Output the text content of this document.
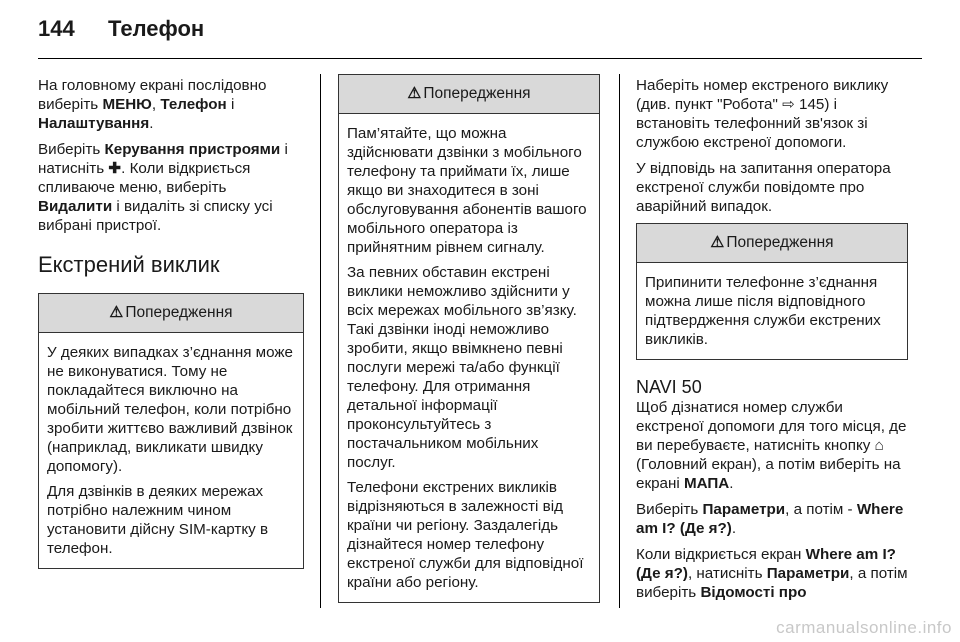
144	Телефон

На головному екрані послідовно виберіть МЕНЮ, Телефон і Налаштування.

Виберіть Керування пристроями і натисніть ✚. Коли відкриється спливаюче меню, виберіть Видалити і видаліть зі списку усі вибрані пристрої.

Екстрений виклик
⚠ Попередження

У деяких випадках з’єднання може не виконуватися. Тому не покладайтеся виключно на мобільний телефон, коли потрібно зробити життєво важливий дзвінок (наприклад, викликати швидку допомогу).

Для дзвінків в деяких мережах потрібно належним чином установити дійсну SIM-картку в телефон.

⚠ Попередження

Пам’ятайте, що можна здійснювати дзвінки з мобільного телефону та приймати їх, лише якщо ви знаходитеся в зоні обслуговування абонентів вашого мобільного оператора із прийнятним рівнем сигналу.

За певних обставин екстрені виклики неможливо здійснити у всіх мережах мобільного зв’язку. Такі дзвінки іноді неможливо зробити, якщо ввімкнено певні послуги мережі та/або функції телефону. Для отримання детальної інформації проконсультуйтесь з постачальником мобільних послуг.

Телефони екстрених викликів відрізняються в залежності від країни чи регіону. Заздалегідь дізнайтеся номер телефону екстреної служби для відповідної країни або регіону.

Наберіть номер екстреного виклику (див. пункт "Робота" ⇨ 145) і встановіть телефонний зв'язок зі службою екстреної допомоги.

У відповідь на запитання оператора екстреної служби повідомте про аварійний випадок.

⚠ Попередження

Припинити телефонне з’єднання можна лише після відповідного підтвердження служби екстрених викликів.

NAVI 50

Щоб дізнатися номер служби екстреної допомоги для того місця, де ви перебуваєте, натисніть кнопку ⌂ (Головний екран), а потім виберіть на екрані МАПА.

Виберіть Параметри, а потім - Where am I? (Де я?).

Коли відкриється екран Where am I? (Де я?), натисніть Параметри, а потім виберіть Відомості про

carmanualsonline.info
